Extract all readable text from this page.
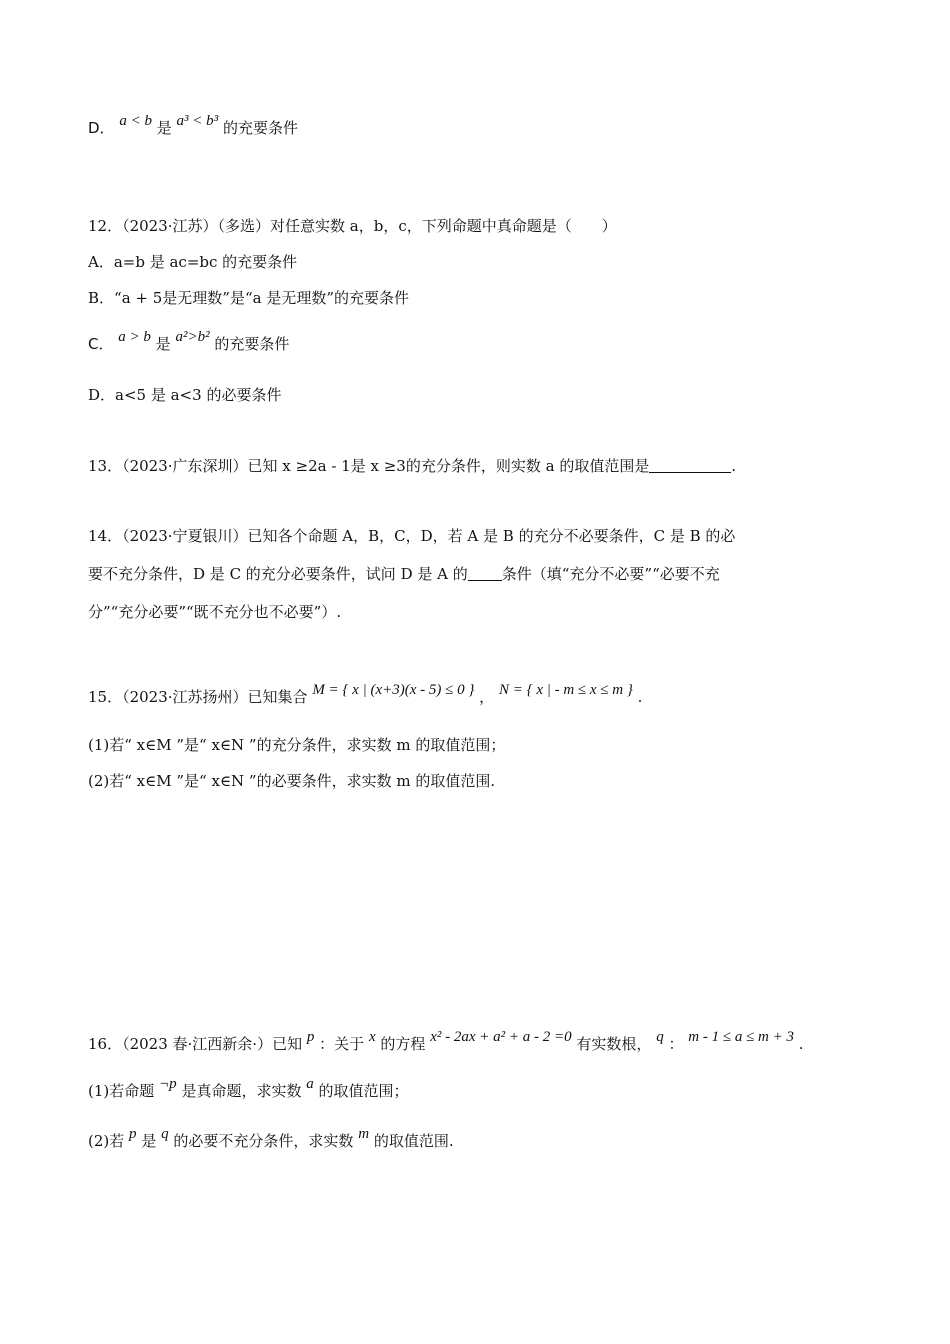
D． a < b 是 a³ < b³ 的充要条件
12．（2023·江苏）（多选）对任意实数 a，b，c，下列命题中真命题是（　　）
A．a=b 是 ac=bc 的充要条件
B．“a + 5是无理数”是“a 是无理数”的充要条件
C． a > b 是 a²>b² 的充要条件
D．a<5 是 a<3 的必要条件
13．（2023·广东深圳）已知 x ≥2a - 1是 x ≥3的充分条件，则实数 a 的取值范围是	.
14．（2023·宁夏银川）已知各个命题 A，B，C，D，若 A 是 B 的充分不必要条件，C 是 B 的必
要不充分条件，D 是 C 的充分必要条件，试问 D 是 A 的 条件（填“充分不必要”“必要不充
分”“充分必要”“既不充分也不必要”）.
15．（2023·江苏扬州）已知集合 M = { x | (x+3)(x - 5) ≤ 0 } ， N = { x | - m ≤ x ≤ m } .
(1)若“ x∈M ”是“ x∈N ”的充分条件，求实数 m 的取值范围；
(2)若“ x∈M ”是“ x∈N ”的必要条件，求实数 m 的取值范围.
16．（2023 春·江西新余·）已知 p ：关于 x 的方程 x² - 2ax + a² + a - 2 =0 有实数根， q ： m - 1 ≤ a ≤ m + 3 .
(1)若命题 ¬p 是真命题，求实数 a 的取值范围；
(2)若 p 是 q 的必要不充分条件，求实数 m 的取值范围.
